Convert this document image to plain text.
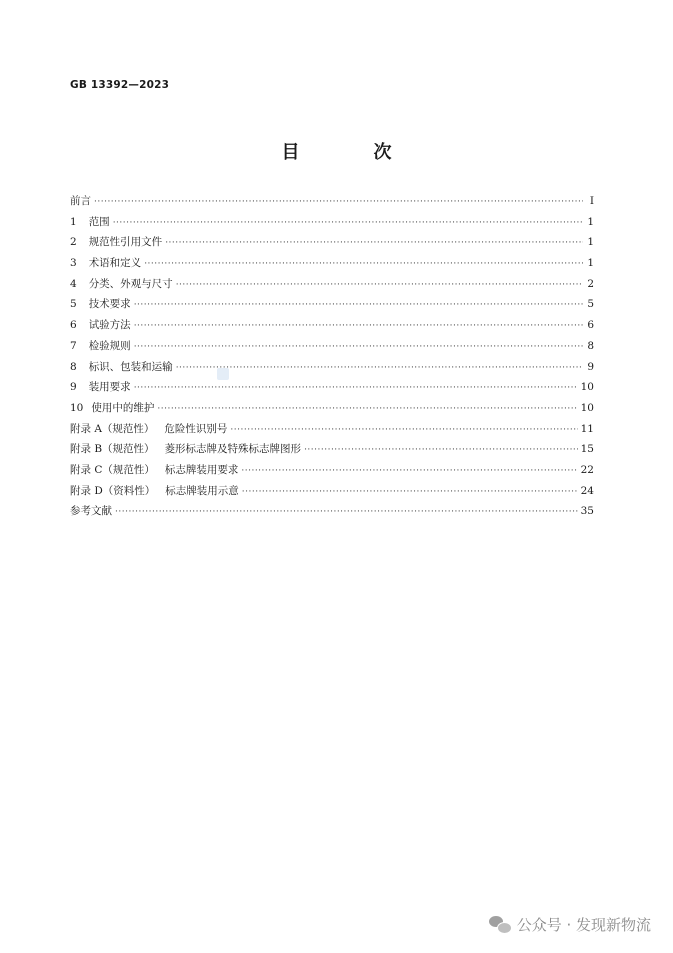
GB 13392—2023
目　次
前言 ·····	Ⅰ
1 范围 ·····	1
2 规范性引用文件 ·····	1
3 术语和定义 ·····	1
4 分类、外观与尺寸 ·····	2
5 技术要求 ·····	5
6 试验方法 ·····	6
7 检验规则 ·····	8
8 标识、包装和运输 ·····	9
9 装用要求 ·····	10
10 使用中的维护 ·····	10
附录 A（规范性） 危险性识别号 ·····	11
附录 B（规范性） 菱形标志牌及特殊标志牌图形 ·····	15
附录 C（规范性） 标志牌装用要求 ·····	22
附录 D（资料性） 标志牌装用示意 ·····	24
参考文献 ·····	35
公众号 · 发现新物流
